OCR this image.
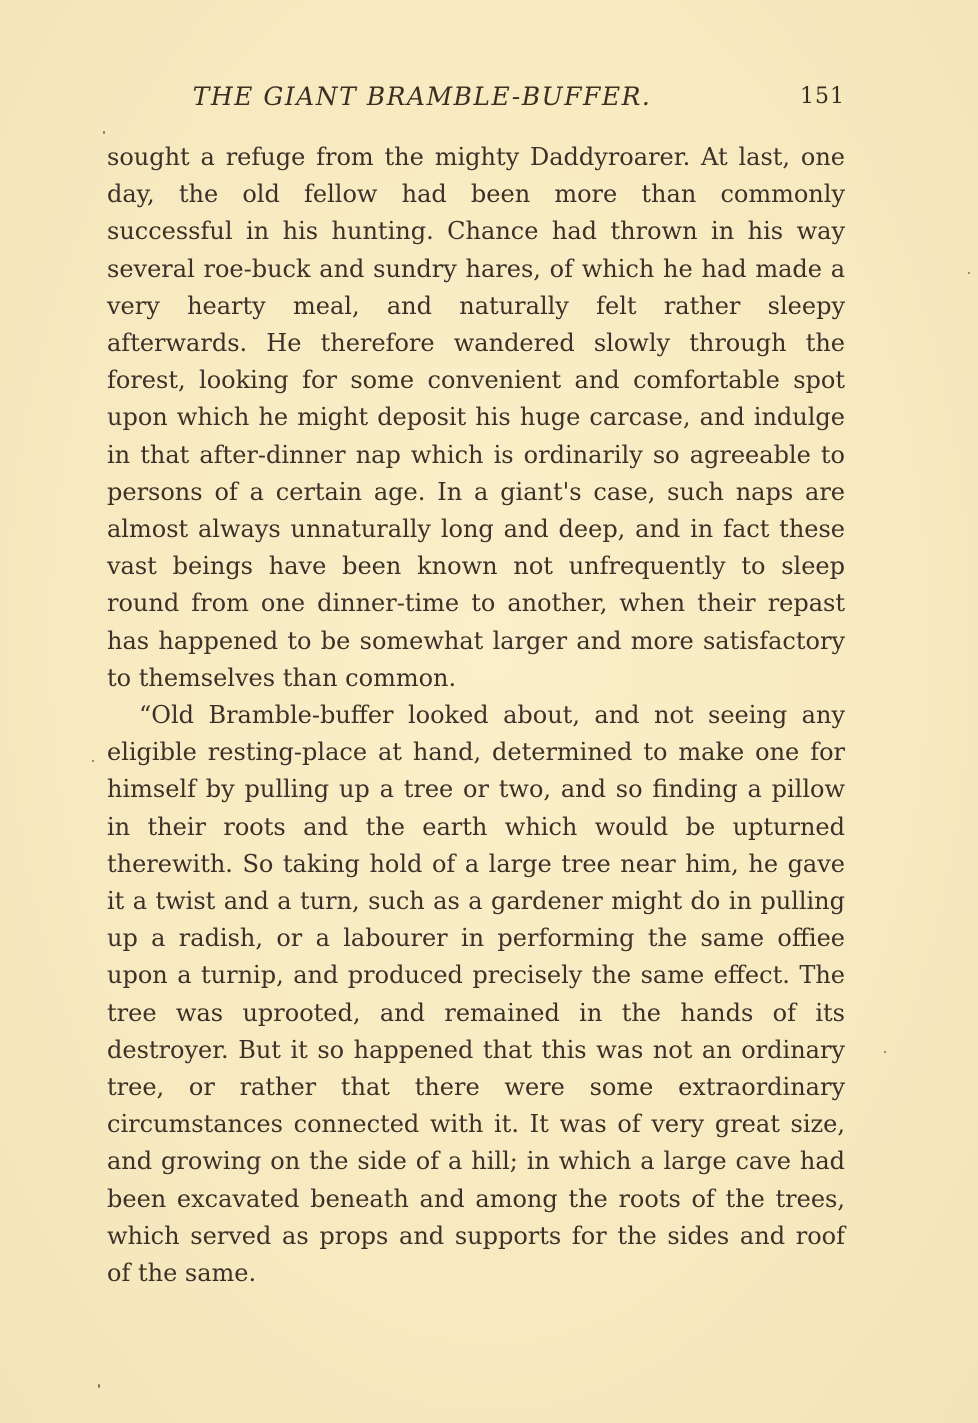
THE GIANT BRAMBLE-BUFFER.	151

sought a refuge from the mighty Daddyroarer. At last, one day, the old fellow had been more than commonly successful in his hunting. Chance had thrown in his way several roe-buck and sundry hares, of which he had made a very hearty meal, and naturally felt rather sleepy afterwards. He therefore wandered slowly through the forest, looking for some convenient and comfortable spot upon which he might deposit his huge carcase, and indulge in that after-dinner nap which is ordinarily so agreeable to persons of a certain age. In a giant's case, such naps are almost always unnaturally long and deep, and in fact these vast beings have been known not unfrequently to sleep round from one dinner-time to another, when their repast has happened to be somewhat larger and more satisfactory to themselves than common.

“Old Bramble-buffer looked about, and not seeing any eligible resting-place at hand, determined to make one for himself by pulling up a tree or two, and so finding a pillow in their roots and the earth which would be upturned therewith. So taking hold of a large tree near him, he gave it a twist and a turn, such as a gardener might do in pulling up a radish, or a labourer in performing the same offiee upon a turnip, and produced precisely the same effect. The tree was uprooted, and remained in the hands of its destroyer. But it so happened that this was not an ordinary tree, or rather that there were some extraordinary circumstances connected with it. It was of very great size, and growing on the side of a hill; in which a large cave had been excavated beneath and among the roots of the trees, which served as props and supports for the sides and roof of the same.
